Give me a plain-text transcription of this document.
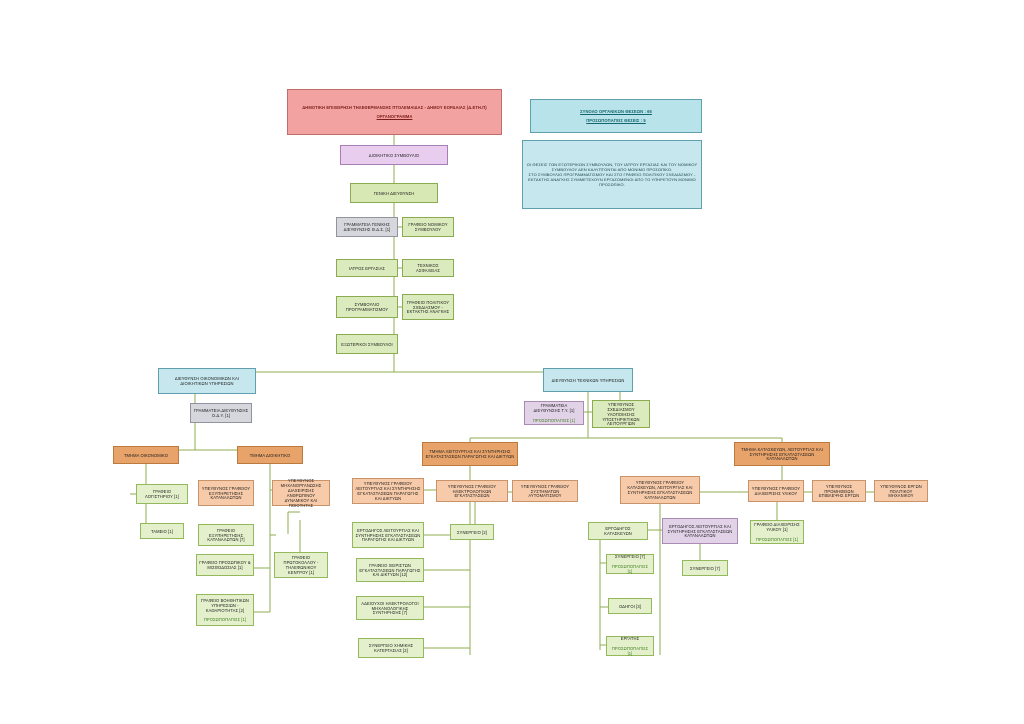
ΔΗΜΟΤΙΚΗ ΕΠΙΧΕΙΡΗΣΗ ΤΗΛΕΘΕΡΜΑΝΣΗΣ ΠΤΟΛΕΜΑΙΔΑΣ - ΔΗΜΟΥ ΕΟΡΔΑΙΑΣ (Δ.ΕΤΗ.Π)

ΟΡΓΑΝΟΓΡΑΜΜΑ
ΣΥΝΟΛΟ ΟΡΓΑΝΙΚΩΝ ΘΕΣΕΩΝ : 65
ΠΡΟΣΩΠΟΠΑΓΕΙΣ ΘΕΣΕΙΣ : 5
ΟΙ ΘΕΣΕΙΣ ΤΩΝ ΕΞΩΤΕΡΙΚΩΝ ΣΥΜΒΟΥΛΩΝ, ΤΟΥ ΙΑΤΡΟΥ ΕΡΓΑΣΙΑΣ ΚΑΙ ΤΟΥ ΝΟΜΙΚΟΥ ΣΥΜΒΟΥΛΟΥ ΔΕΝ ΚΑΛΥΠΤΟΝΤΑΙ ΑΠΟ ΜΟΝΙΜΟ ΠΡΟΣΩΠΙΚΟ.
ΣΤΟ ΣΥΜΒΟΥΛΙΟ ΠΡΟΓΡΑΜΜΑΤΙΣΜΟΥ ΚΑΙ ΣΤΟ ΓΡΑΦΕΙΟ ΠΟΛΙΤΙΚΟΥ ΣΧΕΔΙΑΣΜΟΥ - ΕΚΤΑΚΤΗΣ ΑΝΑΓΚΗΣ ΣΥΜΜΕΤΕΧΟΥΝ ΕΡΓΑΖΟΜΕΝΟΙ ΑΠΟ ΤΟ ΥΠΗΡΕΤΟΥΝ ΜΟΝΙΜΟ ΠΡΟΣΩΠΙΚΟ.
ΔΙΟΙΚΗΤΙΚΟ ΣΥΜΒΟΥΛΙΟ
ΓΕΝΙΚΗ ΔΙΕΥΘΥΝΣΗ
ΓΡΑΜΜΑΤΕΙΑ ΓΕΝΙΚΗΣ ΔΙΕΥΘΥΝΣΗΣ Θ.Δ.Σ. [1]
ΓΡΑΦΕΙΟ ΝΟΜΙΚΟΥ ΣΥΜΒΟΥΛΟΥ
ΙΑΤΡΟΣ ΕΡΓΑΣΙΑΣ	ΤΕΧΝΙΚΟΣ ΑΣΦΑΛΕΙΑΣ
ΣΥΜΒΟΥΛΙΟ ΠΡΟΓΡΑΜΜΑΤΙΣΜΟΥ
ΓΡΑΦΕΙΟ ΠΟΛΙΤΙΚΟΥ ΣΧΕΔΙΑΣΜΟΥ - ΕΚΤΑΚΤΗΣ ΑΝΑΓΚΗΣ
ΕΞΩΤΕΡΙΚΟΙ ΣΥΜΒΟΥΛΟΙ
ΔΙΕΥΘΥΝΣΗ ΟΙΚΟΝΟΜΙΚΩΝ ΚΑΙ ΔΙΟΙΚΗΤΙΚΩΝ ΥΠΗΡΕΣΙΩΝ
ΔΙΕΥΘΥΝΣΗ ΤΕΧΝΙΚΩΝ ΥΠΗΡΕΣΙΩΝ
ΓΡΑΜΜΑΤΕΙΑ ΔΙΕΥΘΥΝΣΗΣ Ο.Δ.Υ. [1]
ΓΡΑΜΜΑΤΕΙΑ ΔΙΕΥΘΥΝΣΗΣ Τ.Υ. [1]

ΠΡΟΣΩΠΟΠΑΓΕΙΣ [1]
ΥΠΕΥΘΥΝΟΣ ΣΧΕΔΙΑΣΜΟΥ ΥΛΟΠΟΙΗΣΗΣ ΥΠΟΣΤΗΡΙΚΤΙΚΩΝ ΛΕΙΤΟΥΡΓΙΩΝ
ΤΜΗΜΑ ΟΙΚΟΝΟΜΙΚΟ	ΤΜΗΜΑ ΔΙΟΙΚΗΤΙΚΟ
ΤΜΗΜΑ ΛΕΙΤΟΥΡΓΙΑΣ ΚΑΙ ΣΥΝΤΗΡΗΣΗΣ ΕΓΚΑΤΑΣΤΑΣΕΩΝ ΠΑΡΑΓΩΓΗΣ ΚΑΙ ΔΙΚΤΥΩΝ
ΤΜΗΜΑ ΚΑΤΑΣΚΕΥΩΝ, ΛΕΙΤΟΥΡΓΙΑΣ ΚΑΙ ΣΥΝΤΗΡΗΣΗΣ ΕΓΚΑΤΑΣΤΑΣΕΩΝ ΚΑΤΑΝΑΛΩΤΩΝ
ΓΡΑΦΕΙΟ ΛΟΓΙΣΤΗΡΙΟΥ [1]
ΤΑΜΕΙΟ [1]
ΥΠΕΥΘΥΝΟΣ ΓΡΑΦΕΙΟΥ ΕΞΥΠΗΡΕΤΗΣΗΣ ΚΑΤΑΝΑΛΩΤΩΝ
ΓΡΑΦΕΙΟ ΕΞΥΠΗΡΕΤΗΣΗΣ ΚΑΤΑΝΑΛΩΤΩΝ [7]
ΥΠΕΥΘΥΝΟΣ ΜΗΧΑΝΟΡΓΑΝΩΣΗΣ ΔΙΑΧΕΙΡΙΣΗΣ ΑΝΘΡΩΠΙΝΟΥ ΔΥΝΑΜΙΚΟΥ ΚΑΙ ΠΟΙΟΤΗΤΑΣ
ΓΡΑΦΕΙΟ ΠΡΩΤΟΚΟΛΛΟΥ - ΤΗΛΕΦΩΝΙΚΟΥ ΚΕΝΤΡΟΥ [1]
ΓΡΑΦΕΙΟ ΠΡΟΣΩΠΙΚΟΥ & ΜΙΣΘΟΔΟΣΙΑΣ [1]
ΓΡΑΦΕΙΟ ΒΟΗΘΗΤΙΚΩΝ ΥΠΗΡΕΣΙΩΝ - ΚΑΘΑΡΙΟΤΗΤΑΣ [2]

ΠΡΟΣΩΠΟΠΑΓΕΙΣ [1]
ΥΠΕΥΘΥΝΟΣ ΓΡΑΦΕΙΟΥ ΛΕΙΤΟΥΡΓΙΑΣ ΚΑΙ ΣΥΝΤΗΡΗΣΗΣ ΕΓΚΑΤΑΣΤΑΣΕΩΝ ΠΑΡΑΓΩΓΗΣ ΚΑΙ ΔΙΚΤΥΩΝ
ΕΡΓΟΔΗΓΟΣ ΛΕΙΤΟΥΡΓΙΑΣ ΚΑΙ ΣΥΝΤΗΡΗΣΗΣ ΕΓΚΑΤΑΣΤΑΣΕΩΝ ΠΑΡΑΓΩΓΗΣ ΚΑΙ ΔΙΚΤΥΩΝ
ΓΡΑΦΕΙΟ ΧΕΙΡΙΣΤΩΝ ΕΓΚΑΤΑΣΤΑΣΕΩΝ ΠΑΡΑΓΩΓΗΣ ΚΑΙ ΔΙΚΤΥΩΝ [12]
ΑΔΕΙΟΥΧΟΙ ΗΛΕΚΤΡΟΛΟΓΟΙ ΜΗΧΑΝΟΛΟΓΙΚΗΣ ΣΥΝΤΗΡΗΣΗΣ [7]
ΣΥΝΕΡΓΕΙΟ ΧΗΜΙΚΗΣ ΚΑΤΕΡΓΑΣΙΑΣ [2]
ΥΠΕΥΘΥΝΟΣ ΓΡΑΦΕΙΟΥ ΗΛΕΚΤΡΟΛΟΓΙΚΩΝ ΕΓΚΑΤΑΣΤΑΣΕΩΝ
ΣΥΝΕΡΓΕΙΟ [2]
ΥΠΕΥΘΥΝΟΣ ΓΡΑΦΕΙΟΥ ΣΥΣΤΗΜΑΤΩΝ ΑΥΤΟΜΑΤΙΣΜΟΥ
ΥΠΕΥΘΥΝΟΣ ΓΡΑΦΕΙΟΥ ΚΑΤΑΣΚΕΥΩΝ, ΛΕΙΤΟΥΡΓΙΑΣ ΚΑΙ ΣΥΝΤΗΡΗΣΗΣ ΕΓΚΑΤΑΣΤΑΣΕΩΝ ΚΑΤΑΝΑΛΩΤΩΝ
ΕΡΓΟΔΗΓΟΣ ΚΑΤΑΣΚΕΥΩΝ
ΣΥΝΕΡΓΕΙΟ [7]

ΠΡΟΣΩΠΟΠΑΓΕΙΣ [1]
ΟΔΗΓΟΙ [3]
ΕΡΓΑΤΗΣ

ΠΡΟΣΩΠΟΠΑΓΕΙΣ [1]
ΕΡΓΟΔΗΓΟΣ ΛΕΙΤΟΥΡΓΙΑΣ ΚΑΙ ΣΥΝΤΗΡΗΣΗΣ ΕΓΚΑΤΑΣΤΑΣΕΩΝ ΚΑΤΑΝΑΛΩΤΩΝ
ΣΥΝΕΡΓΕΙΟ [7]
ΥΠΕΥΘΥΝΟΣ ΓΡΑΦΕΙΟΥ ΔΙΑΧΕΙΡΙΣΗΣ ΥΛΙΚΟΥ
ΓΡΑΦΕΙΟ ΔΙΑΧΕΙΡΙΣΗΣ ΥΛΙΚΟΥ [1]

ΠΡΟΣΩΠΟΠΑΓΕΙΣ [1]
ΥΠΕΥΘΥΝΟΣ ΠΡΟΜΗΘΕΙΩΝ ΕΠΙΒΛΕΨΗΣ ΕΡΓΩΝ
ΥΠΕΥΘΥΝΟΣ ΕΡΓΩΝ ΠΟΛΙΤΙΚΟΥ ΜΗΧΑΝΙΚΟΥ
